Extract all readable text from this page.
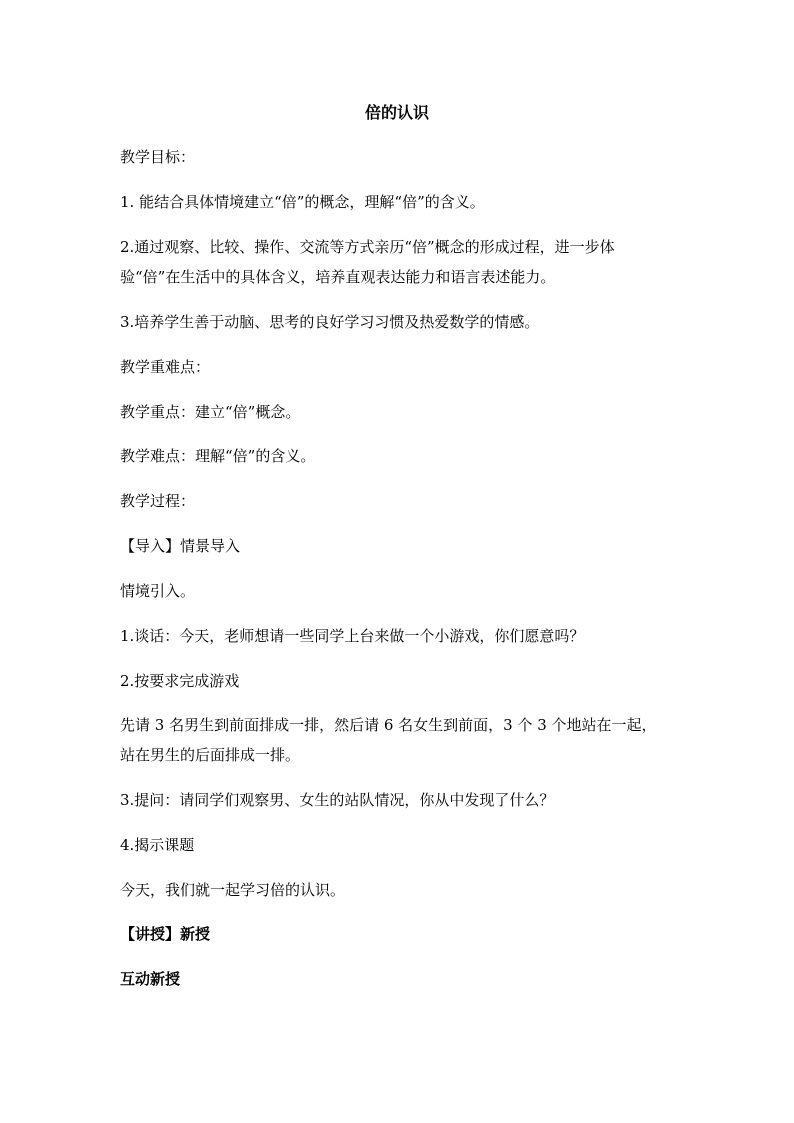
倍的认识
教学目标：
1. 能结合具体情境建立“倍”的概念，理解“倍”的含义。
2.通过观察、比较、操作、交流等方式亲历“倍”概念的形成过程，进一步体
验“倍”在生活中的具体含义，培养直观表达能力和语言表述能力。
3.培养学生善于动脑、思考的良好学习习惯及热爱数学的情感。
教学重难点：
教学重点：建立“倍”概念。
教学难点：理解“倍”的含义。
教学过程：
【导入】情景导入
情境引入。
1.谈话：今天，老师想请一些同学上台来做一个小游戏，你们愿意吗？
2.按要求完成游戏
先请 3 名男生到前面排成一排，然后请 6 名女生到前面，3 个 3 个地站在一起，
站在男生的后面排成一排。
3.提问：请同学们观察男、女生的站队情况，你从中发现了什么？
4.揭示课题
今天，我们就一起学习倍的认识。
【讲授】新授
互动新授
